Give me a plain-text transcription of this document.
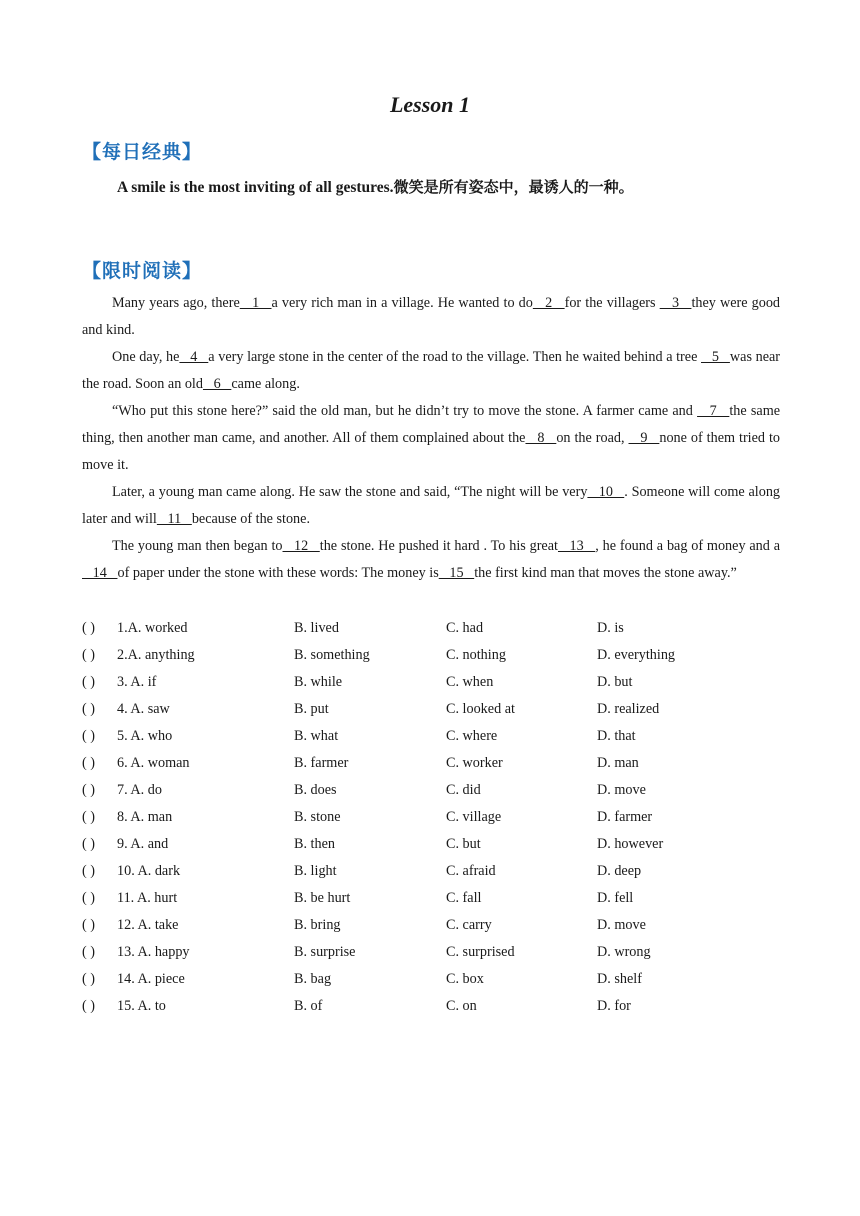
Lesson 1
【每日经典】
A smile is the most inviting of all gestures.微笑是所有姿态中，最诱人的一种。
【限时阅读】

Many years ago, there   1   a very rich man in a village. He wanted to do   2   for the villagers    3   they were good and kind.

One day, he   4   a very large stone in the center of the road to the village. Then he waited behind a tree    5   was near the road. Soon an old   6   came along.

“Who put this stone here?” said the old man, but he didn’t try to move the stone. A farmer came and    7   the same thing, then another man came, and another. All of them complained about the   8   on the road,    9   none of them tried to move it.

Later, a young man came along. He saw the stone and said, “The night will be very   10   . Someone will come along later and will   11   because of the stone.

The young man then began to   12   the stone. He pushed it hard . To his great   13   , he found a bag of money and a   14   of paper under the stone with these words: The money is   15   the first kind man that moves the stone away.”

( ) 1.A. worked	B. lived	C. had	D. is
( ) 2.A. anything	B. something	C. nothing	D. everything
( ) 3. A. if	B. while	C. when	D. but
( ) 4. A. saw	B. put	C. looked at	D. realized
( ) 5. A. who	B. what	C. where	D. that
( ) 6. A. woman	B. farmer	C. worker	D. man
( ) 7. A. do	B. does	C. did	D. move
( ) 8. A. man	B. stone	C. village	D. farmer
( ) 9. A. and	B. then	C. but	D. however
( ) 10. A. dark	B. light	C. afraid	D. deep
( ) 11. A. hurt	B. be hurt	C. fall	D. fell
( ) 12. A. take	B. bring	C. carry	D. move
( ) 13. A. happy	B. surprise	C. surprised	D. wrong
( ) 14. A. piece	B. bag	C. box	D. shelf
( ) 15. A. to	B. of	C. on	D. for
